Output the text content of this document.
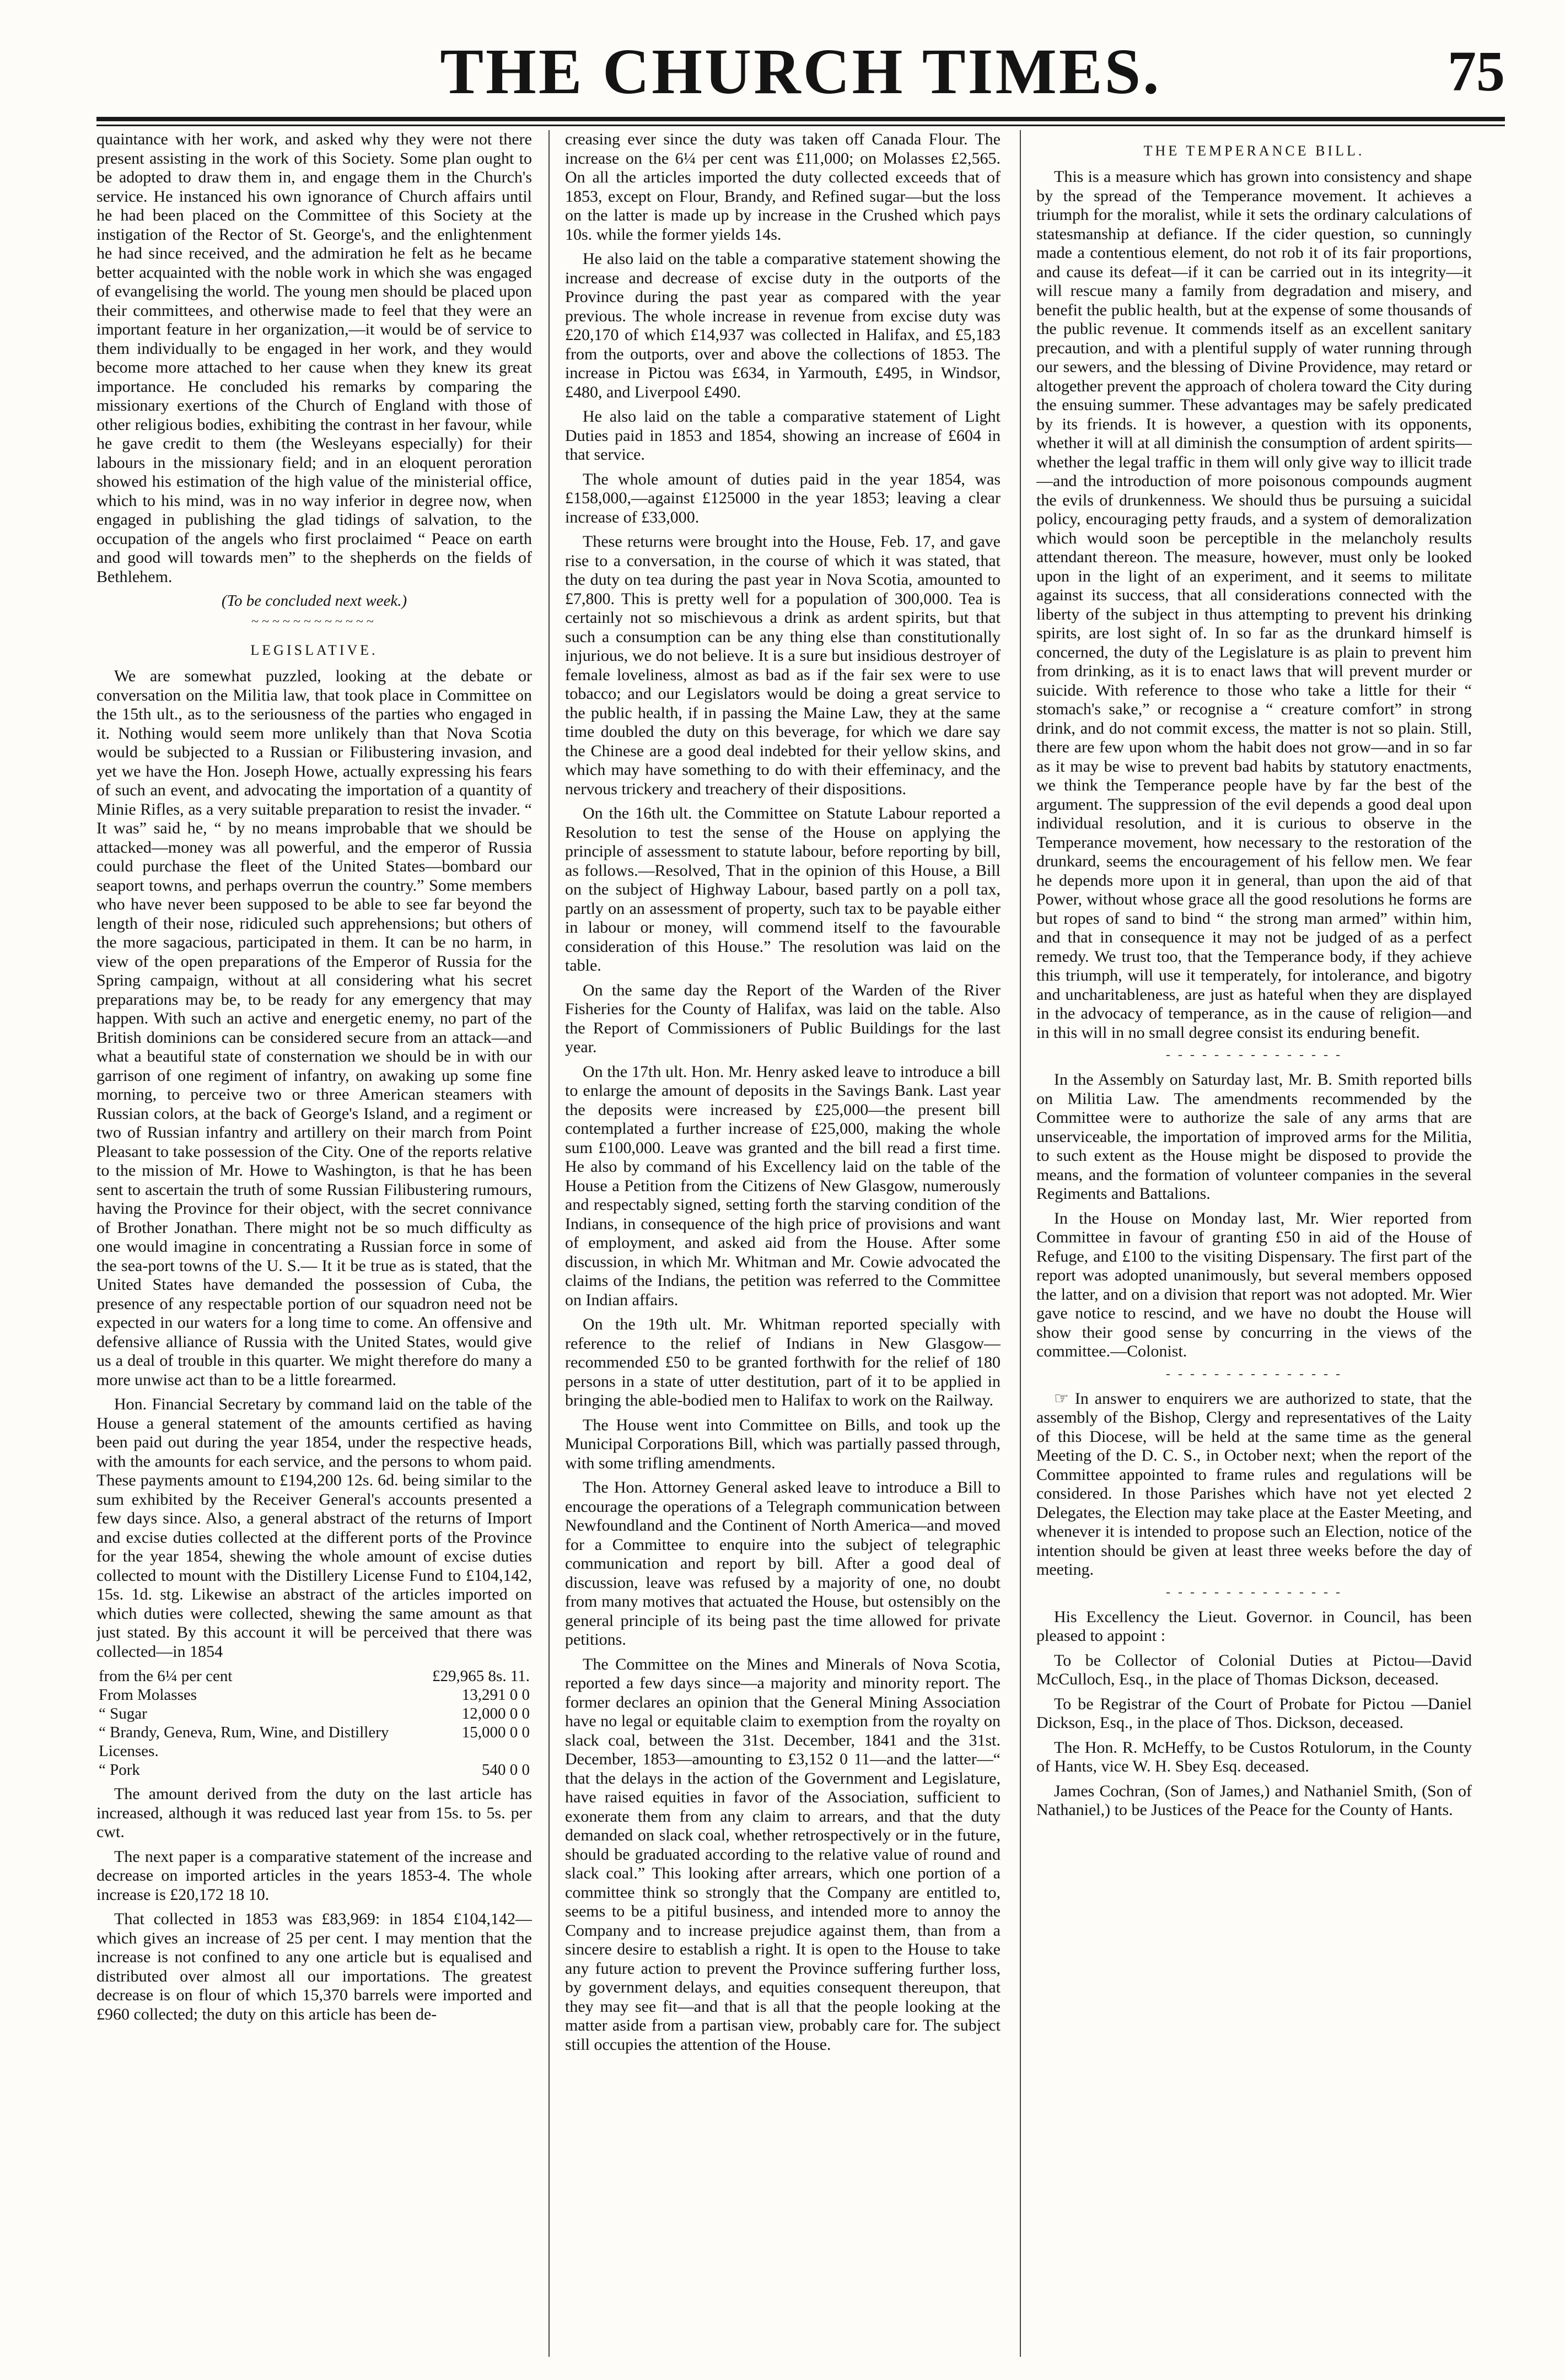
THE CHURCH TIMES.	75

quaintance with her work, and asked why they were not there present assisting in the work of this Society. Some plan ought to be adopted to draw them in, and engage them in the Church's service. He instanced his own ignorance of Church affairs until he had been placed on the Committee of this Society at the instigation of the Rector of St. George's, and the enlightenment he had since received, and the admiration he felt as he became better acquainted with the noble work in which she was engaged of evangelising the world. The young men should be placed upon their committees, and otherwise made to feel that they were an important feature in her organization,—it would be of service to them individually to be engaged in her work, and they would become more attached to her cause when they knew its great importance. He concluded his remarks by comparing the missionary exertions of the Church of England with those of other religious bodies, exhibiting the contrast in her favour, while he gave credit to them (the Wesleyans especially) for their labours in the missionary field; and in an eloquent peroration showed his estimation of the high value of the ministerial office, which to his mind, was in no way inferior in degree now, when engaged in publishing the glad tidings of salvation, to the occupation of the angels who first proclaimed “ Peace on earth and good will towards men” to the shepherds on the fields of Bethlehem.

(To be concluded next week.)
~~~~~~~~~~~~
LEGISLATIVE.

We are somewhat puzzled, looking at the debate or conversation on the Militia law, that took place in Committee on the 15th ult., as to the seriousness of the parties who engaged in it. Nothing would seem more unlikely than that Nova Scotia would be subjected to a Russian or Filibustering invasion, and yet we have the Hon. Joseph Howe, actually expressing his fears of such an event, and advocating the importation of a quantity of Minie Rifles, as a very suitable preparation to resist the invader. “ It was” said he, “ by no means improbable that we should be attacked—money was all powerful, and the emperor of Russia could purchase the fleet of the United States—bombard our seaport towns, and perhaps overrun the country.” Some members who have never been supposed to be able to see far beyond the length of their nose, ridiculed such apprehensions; but others of the more sagacious, participated in them. It can be no harm, in view of the open preparations of the Emperor of Russia for the Spring campaign, without at all considering what his secret preparations may be, to be ready for any emergency that may happen. With such an active and energetic enemy, no part of the British dominions can be considered secure from an attack—and what a beautiful state of consternation we should be in with our garrison of one regiment of infantry, on awaking up some fine morning, to perceive two or three American steamers with Russian colors, at the back of George's Island, and a regiment or two of Russian infantry and artillery on their march from Point Pleasant to take possession of the City. One of the reports relative to the mission of Mr. Howe to Washington, is that he has been sent to ascertain the truth of some Russian Filibustering rumours, having the Province for their object, with the secret connivance of Brother Jonathan. There might not be so much difficulty as one would imagine in concentrating a Russian force in some of the sea-port towns of the U. S.— It it be true as is stated, that the United States have demanded the possession of Cuba, the presence of any respectable portion of our squadron need not be expected in our waters for a long time to come. An offensive and defensive alliance of Russia with the United States, would give us a deal of trouble in this quarter. We might therefore do many a more unwise act than to be a little forearmed.

Hon. Financial Secretary by command laid on the table of the House a general statement of the amounts certified as having been paid out during the year 1854, under the respective heads, with the amounts for each service, and the persons to whom paid. These payments amount to £194,200 12s. 6d. being similar to the sum exhibited by the Receiver General's accounts presented a few days since. Also, a general abstract of the returns of Import and excise duties collected at the different ports of the Province for the year 1854, shewing the whole amount of excise duties collected to mount with the Distillery License Fund to £104,142, 15s. 1d. stg. Likewise an abstract of the articles imported on which duties were collected, shewing the same amount as that just stated. By this account it will be perceived that there was collected—in 1854

from the 6¼ per cent	£29,965 8s. 11.
From Molasses	13,291 0 0
“ Sugar	12,000 0 0
“ Brandy, Geneva, Rum, Wine, and Distillery Licenses.	15,000 0 0
“ Pork	540 0 0

The amount derived from the duty on the last article has increased, although it was reduced last year from 15s. to 5s. per cwt.

The next paper is a comparative statement of the increase and decrease on imported articles in the years 1853-4. The whole increase is £20,172 18 10.

That collected in 1853 was £83,969: in 1854 £104,142—which gives an increase of 25 per cent. I may mention that the increase is not confined to any one article but is equalised and distributed over almost all our importations. The greatest decrease is on flour of which 15,370 barrels were imported and £960 collected; the duty on this article has been de-

creasing ever since the duty was taken off Canada Flour. The increase on the 6¼ per cent was £11,000; on Molasses £2,565. On all the articles imported the duty collected exceeds that of 1853, except on Flour, Brandy, and Refined sugar—but the loss on the latter is made up by increase in the Crushed which pays 10s. while the former yields 14s.

He also laid on the table a comparative statement showing the increase and decrease of excise duty in the outports of the Province during the past year as compared with the year previous. The whole increase in revenue from excise duty was £20,170 of which £14,937 was collected in Halifax, and £5,183 from the outports, over and above the collections of 1853. The increase in Pictou was £634, in Yarmouth, £495, in Windsor, £480, and Liverpool £490.

He also laid on the table a comparative statement of Light Duties paid in 1853 and 1854, showing an increase of £604 in that service.

The whole amount of duties paid in the year 1854, was £158,000,—against £125000 in the year 1853; leaving a clear increase of £33,000.

These returns were brought into the House, Feb. 17, and gave rise to a conversation, in the course of which it was stated, that the duty on tea during the past year in Nova Scotia, amounted to £7,800. This is pretty well for a population of 300,000. Tea is certainly not so mischievous a drink as ardent spirits, but that such a consumption can be any thing else than constitutionally injurious, we do not believe. It is a sure but insidious destroyer of female loveliness, almost as bad as if the fair sex were to use tobacco; and our Legislators would be doing a great service to the public health, if in passing the Maine Law, they at the same time doubled the duty on this beverage, for which we dare say the Chinese are a good deal indebted for their yellow skins, and which may have something to do with their effeminacy, and the nervous trickery and treachery of their dispositions.

On the 16th ult. the Committee on Statute Labour reported a Resolution to test the sense of the House on applying the principle of assessment to statute labour, before reporting by bill, as follows.—Resolved, That in the opinion of this House, a Bill on the subject of Highway Labour, based partly on a poll tax, partly on an assessment of property, such tax to be payable either in labour or money, will commend itself to the favourable consideration of this House.” The resolution was laid on the table.

On the same day the Report of the Warden of the River Fisheries for the County of Halifax, was laid on the table. Also the Report of Commissioners of Public Buildings for the last year.

On the 17th ult. Hon. Mr. Henry asked leave to introduce a bill to enlarge the amount of deposits in the Savings Bank. Last year the deposits were increased by £25,000—the present bill contemplated a further increase of £25,000, making the whole sum £100,000. Leave was granted and the bill read a first time. He also by command of his Excellency laid on the table of the House a Petition from the Citizens of New Glasgow, numerously and respectably signed, setting forth the starving condition of the Indians, in consequence of the high price of provisions and want of employment, and asked aid from the House. After some discussion, in which Mr. Whitman and Mr. Cowie advocated the claims of the Indians, the petition was referred to the Committee on Indian affairs.

On the 19th ult. Mr. Whitman reported specially with reference to the relief of Indians in New Glasgow—recommended £50 to be granted forthwith for the relief of 180 persons in a state of utter destitution, part of it to be applied in bringing the able-bodied men to Halifax to work on the Railway.

The House went into Committee on Bills, and took up the Municipal Corporations Bill, which was partially passed through, with some trifling amendments.

The Hon. Attorney General asked leave to introduce a Bill to encourage the operations of a Telegraph communication between Newfoundland and the Continent of North America—and moved for a Committee to enquire into the subject of telegraphic communication and report by bill. After a good deal of discussion, leave was refused by a majority of one, no doubt from many motives that actuated the House, but ostensibly on the general principle of its being past the time allowed for private petitions.

The Committee on the Mines and Minerals of Nova Scotia, reported a few days since—a majority and minority report. The former declares an opinion that the General Mining Association have no legal or equitable claim to exemption from the royalty on slack coal, between the 31st. December, 1841 and the 31st. December, 1853—amounting to £3,152 0 11—and the latter—“ that the delays in the action of the Government and Legislature, have raised equities in favor of the Association, sufficient to exonerate them from any claim to arrears, and that the duty demanded on slack coal, whether retrospectively or in the future, should be graduated according to the relative value of round and slack coal.” This looking after arrears, which one portion of a committee think so strongly that the Company are entitled to, seems to be a pitiful business, and intended more to annoy the Company and to increase prejudice against them, than from a sincere desire to establish a right. It is open to the House to take any future action to prevent the Province suffering further loss, by government delays, and equities consequent thereupon, that they may see fit—and that is all that the people looking at the matter aside from a partisan view, probably care for. The subject still occupies the attention of the House.

THE TEMPERANCE BILL.

This is a measure which has grown into consistency and shape by the spread of the Temperance movement. It achieves a triumph for the moralist, while it sets the ordinary calculations of statesmanship at defiance. If the cider question, so cunningly made a contentious element, do not rob it of its fair proportions, and cause its defeat—if it can be carried out in its integrity—it will rescue many a family from degradation and misery, and benefit the public health, but at the expense of some thousands of the public revenue. It commends itself as an excellent sanitary precaution, and with a plentiful supply of water running through our sewers, and the blessing of Divine Providence, may retard or altogether prevent the approach of cholera toward the City during the ensuing summer. These advantages may be safely predicated by its friends. It is however, a question with its opponents, whether it will at all diminish the consumption of ardent spirits—whether the legal traffic in them will only give way to illicit trade—and the introduction of more poisonous compounds augment the evils of drunkenness. We should thus be pursuing a suicidal policy, encouraging petty frauds, and a system of demoralization which would soon be perceptible in the melancholy results attendant thereon. The measure, however, must only be looked upon in the light of an experiment, and it seems to militate against its success, that all considerations connected with the liberty of the subject in thus attempting to prevent his drinking spirits, are lost sight of. In so far as the drunkard himself is concerned, the duty of the Legislature is as plain to prevent him from drinking, as it is to enact laws that will prevent murder or suicide. With reference to those who take a little for their “ stomach's sake,” or recognise a “ creature comfort” in strong drink, and do not commit excess, the matter is not so plain. Still, there are few upon whom the habit does not grow—and in so far as it may be wise to prevent bad habits by statutory enactments, we think the Temperance people have by far the best of the argument. The suppression of the evil depends a good deal upon individual resolution, and it is curious to observe in the Temperance movement, how necessary to the restoration of the drunkard, seems the encouragement of his fellow men. We fear he depends more upon it in general, than upon the aid of that Power, without whose grace all the good resolutions he forms are but ropes of sand to bind “ the strong man armed” within him, and that in consequence it may not be judged of as a perfect remedy. We trust too, that the Temperance body, if they achieve this triumph, will use it temperately, for intolerance, and bigotry and uncharitableness, are just as hateful when they are displayed in the advocacy of temperance, as in the cause of religion—and in this will in no small degree consist its enduring benefit.

- - - - - - - - - - - - - - -

In the Assembly on Saturday last, Mr. B. Smith reported bills on Militia Law. The amendments recommended by the Committee were to authorize the sale of any arms that are unserviceable, the importation of improved arms for the Militia, to such extent as the House might be disposed to provide the means, and the formation of volunteer companies in the several Regiments and Battalions.

In the House on Monday last, Mr. Wier reported from Committee in favour of granting £50 in aid of the House of Refuge, and £100 to the visiting Dispensary. The first part of the report was adopted unanimously, but several members opposed the latter, and on a division that report was not adopted. Mr. Wier gave notice to rescind, and we have no doubt the House will show their good sense by concurring in the views of the committee.—Colonist.

- - - - - - - - - - - - - - -

☞ In answer to enquirers we are authorized to state, that the assembly of the Bishop, Clergy and representatives of the Laity of this Diocese, will be held at the same time as the general Meeting of the D. C. S., in October next; when the report of the Committee appointed to frame rules and regulations will be considered. In those Parishes which have not yet elected 2 Delegates, the Election may take place at the Easter Meeting, and whenever it is intended to propose such an Election, notice of the intention should be given at least three weeks before the day of meeting.

- - - - - - - - - - - - - - -

His Excellency the Lieut. Governor. in Council, has been pleased to appoint :

To be Collector of Colonial Duties at Pictou—David McCulloch, Esq., in the place of Thomas Dickson, deceased.

To be Registrar of the Court of Probate for Pictou —Daniel Dickson, Esq., in the place of Thos. Dickson, deceased.

The Hon. R. McHeffy, to be Custos Rotulorum, in the County of Hants, vice W. H. Sbey Esq. deceased.

James Cochran, (Son of James,) and Nathaniel Smith, (Son of Nathaniel,) to be Justices of the Peace for the County of Hants.
